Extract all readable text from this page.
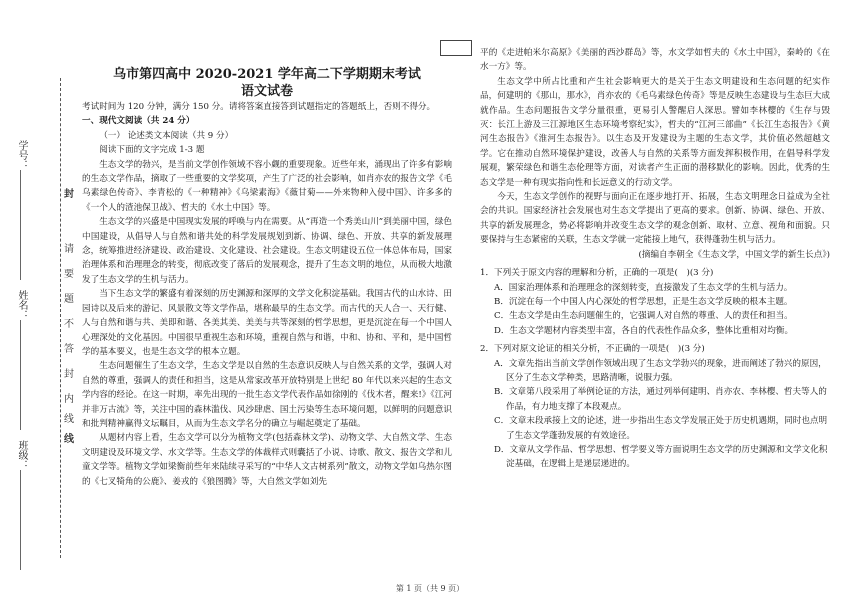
班级：
姓名：
学号：
封
线
请
要
题
不
答
封
内
线

乌市第四高中 2020-2021 学年高二下学期期末考试

语文试卷

考试时间为 120 分钟，满分 150 分。请将答案直接答到试题指定的答题纸上，否则不得分。

一、现代文阅读（共 24 分）

（一） 论述类文本阅读（共 9 分）

阅读下面的文字完成 1-3 题

生态文学的勃兴，是当前文学创作领域不容小觑的重要现象。近些年来，涌现出了许多有影响的生态文学作品，摘取了一些重要的文学奖项，产生了广泛的社会影响，如肖亦农的报告文学《毛乌素绿色传奇》、李青松的《一种精神》《乌梁素海》《薇甘菊——外来物种入侵中国》、许多多的《一个人的渣池保卫战》、哲夫的《水土中国》等。

生态文学的兴盛是中国现实发展的呼唤与内在需要。从“再造一个秀美山川”到美丽中国，绿色中国建设，从倡导人与自然和谐共处的科学发展规划到新、协调、绿色、开放、共享的新发展理念，统筹推进经济建设、政治建设、文化建设、社会建设。生态文明建设五位一体总体布局，国家治理体系和治理理念的转变，彻底改变了落后的发展观念，提升了生态文明的地位，从而极大地激发了生态文学的生机与活力。

当下生态文学的繁盛有着深刻的历史渊源和深厚的文学文化积淀基础。我国古代的山水诗、田园诗以及后来的游记、风景散文等文学作品，堪称最早的生态文学。而古代的天人合一、天行健、人与自然和谐与共、美即和谐、各美其美、美美与共等深刻的哲学思想，更是沉淀在每一个中国人心理深处的文化基因。中国很早重视生态和环境，重视自然与和谐，中和、协和、平和，是中国哲学的基本要义，也是生态文学的根本立题。

生态问题催生了生态文学，生态文学是以自然的生态意识反映人与自然关系的文学，强调人对自然的尊重，强调人的责任和担当，这是从常家改革开放特别是上世纪 80 年代以来兴起的生态文学内容的经论。在这一时期，率先出现的一批生态文学代表作品如徐刚的《伐木者，醒来!》《江河并非万古流》等，关注中国的森林滥伐、风沙肆虐、国土污染等生态环境问题，以鲜明的问题意识和批判精神赢得文坛瞩目，从而为生态文学名分的确立与崛起奠定了基础。

从题材内容上看，生态文学可以分为植物文学(包括森林文学)、动物文学、大自然文学、生态文明建设及环境文学、水文学等。生态文学的体裁样式则囊括了小说、诗歌、散文、报告文学和儿童文学等。植物文学如梁衡前些年来陆续寻采写的“中华人文古树系列”散文，动物文学如乌热尔图的《七叉犄角的公鹿》、姜戎的《狼图腾》等，大自然文学如刘先

平的《走进帕米尔高原》《美丽的西沙群岛》等，水文学如哲夫的《水土中国》，秦岭的《在水一方》等。

生态文学中所占比重和产生社会影响更大的是关于生态文明建设和生态问题的纪实作品，何建明的《那山，那水》，肖亦农的《毛乌素绿色传奇》等是反映生态建设与生态巨大成就作品。生态问题报告文学分量很重，更易引人警醒启人深思。譬如李林樱的《生存与毁灭：长江上游及三江源地区生态环境考察纪实》，哲夫的“江河三部曲”《长江生态报告》《黄河生态报告》《淮河生态报告》。以生态及开发建设为主题的生态文学，其价值必然超越文学。它在推动自然环境保护建设，改善人与自然的关系等方面发挥积极作用，在倡导科学发展观，繁荣绿色和谐生态伦理等方面，对读者产生正面的潜移默化的影响。因此，优秀的生态文学是一种有现实指向性和长远意义的行动文学。

今天，生态文学创作的视野与面向正在逐步地打开、拓展，生态文明理念日益成为全社会的共识。国家经济社会发展也对生态文学提出了更高的要求。创新、协调、绿色、开放、共享的新发展理念，势必将影响并改变生态文学的观念创新、取材、立意、视角和面貌。只要保持与生态紧密的关联，生态文学就一定能接上地气，获得蓬勃生机与活力。

(摘编自李朝全《生态文学，中国文学的新生长点》)

1．下列关于原文内容的理解和分析，正确的一项是(　)(3 分)

A．国家治理体系和治理理念的深刻转变，直接激发了生态文学的生机与活力。

B．沉淀在每一个中国人内心深处的哲学思想，正是生态文学反映的根本主题。

C．生态文学是由生态问题催生的，它强调人对自然的尊重、人的责任和担当。

D．生态文学题材内容类型丰富，各自的代表性作品众多，整体比重相对均衡。

2．下列对原文论证的相关分析，不正确的一项是(　)(3 分)

A．文章先指出当前文学创作领域出现了生态文学勃兴的现象，进而阐述了勃兴的原因，区分了生态文学种类，思路清晰，说服力强。

B．文章第八段采用了举例论证的方法，通过列举何建明、肖亦农、李林樱、哲夫等人的作品，有力地支撑了本段观点。

C．文章末段承接上文的论述，进一步指出生态文学发展正处于历史机遇期，同时也点明了生态文学蓬勃发展的有效途径。

D．文章从文学作品、哲学思想、哲学要义等方面说明生态文学的历史渊源和文学文化积淀基础，在逻辑上是递层递进的。

第 1 页（共 9 页）
